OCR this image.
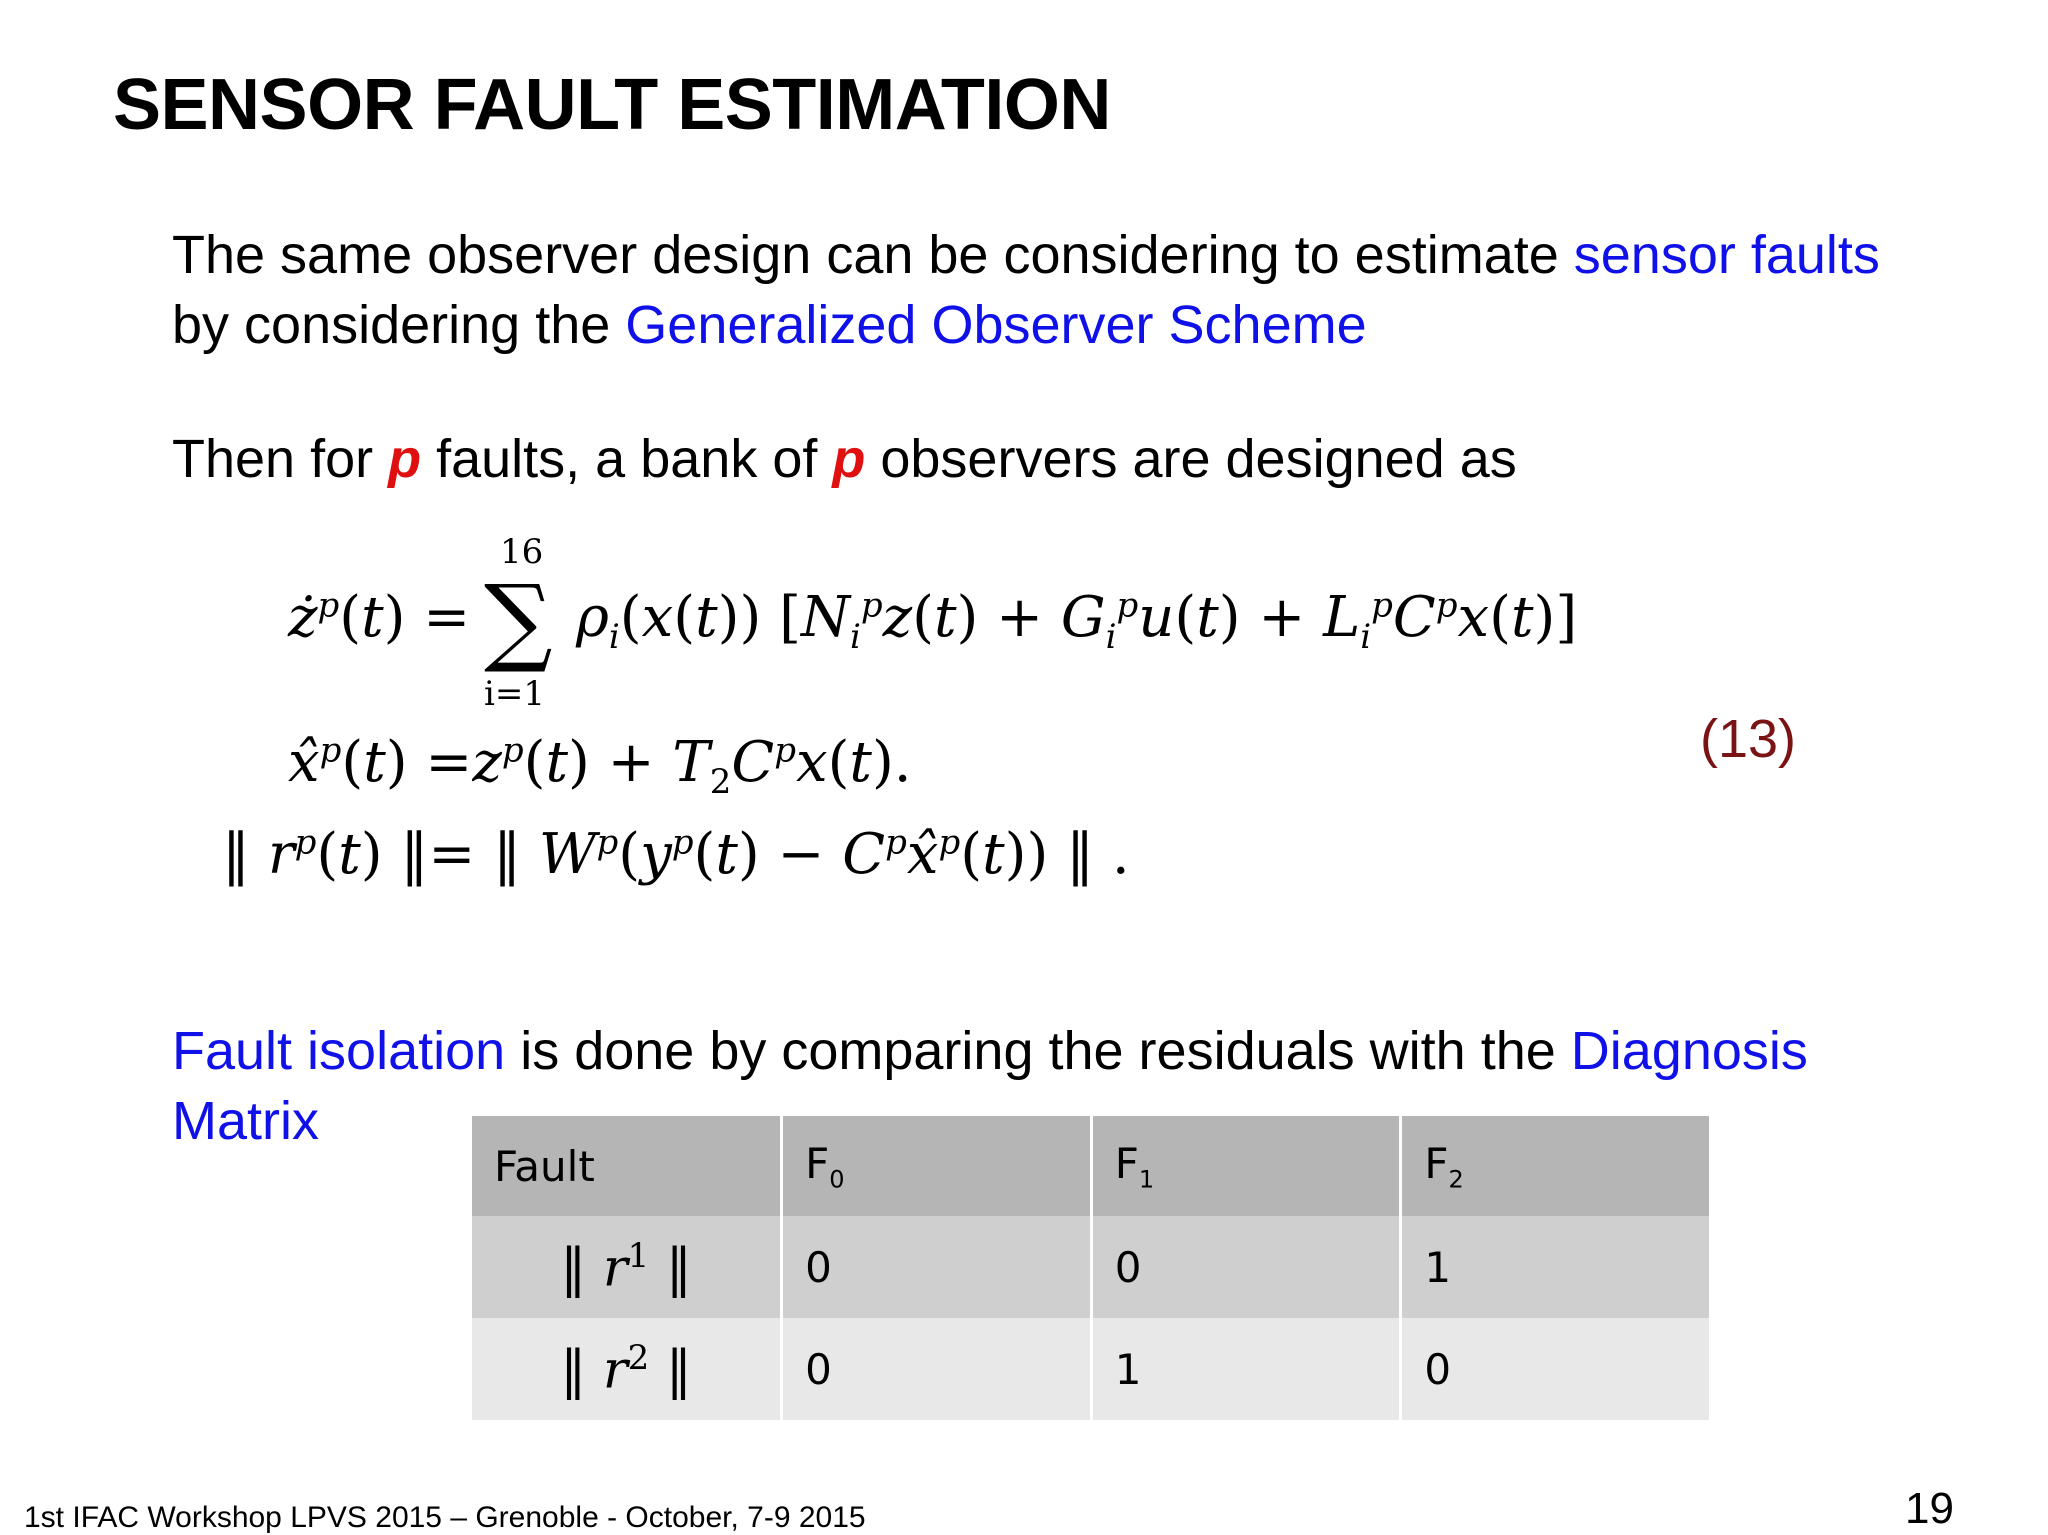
SENSOR FAULT ESTIMATION
The same observer design can be considering to estimate sensor faults
by considering the Generalized Observer Scheme
Then for p faults, a bank of p observers are designed as
$ż^p(t)$ =
16
∑
i=1
$\rho_i(x(t)) [N_i^pz(t) + G_i^pu(t) + L_i^pC^px(t)]$
x̂$^p$(t) $=z^p(t) + T_2C^px(t)$.
‖ $r^p(t)$ ‖= ‖ $W^p(y^p(t)$ − $C^px̂^p(t)$) ‖ .
(13)
Fault isolation is done by comparing the residuals with the Diagnosis
Matrix
Fault	$F_0$	$F_1$	$F_2$
‖ $r^1$ ‖	0	0	1
‖ $r^2$ ‖	0	1	0
1st IFAC Workshop LPVS 2015 – Grenoble - October, 7-9 2015	19
